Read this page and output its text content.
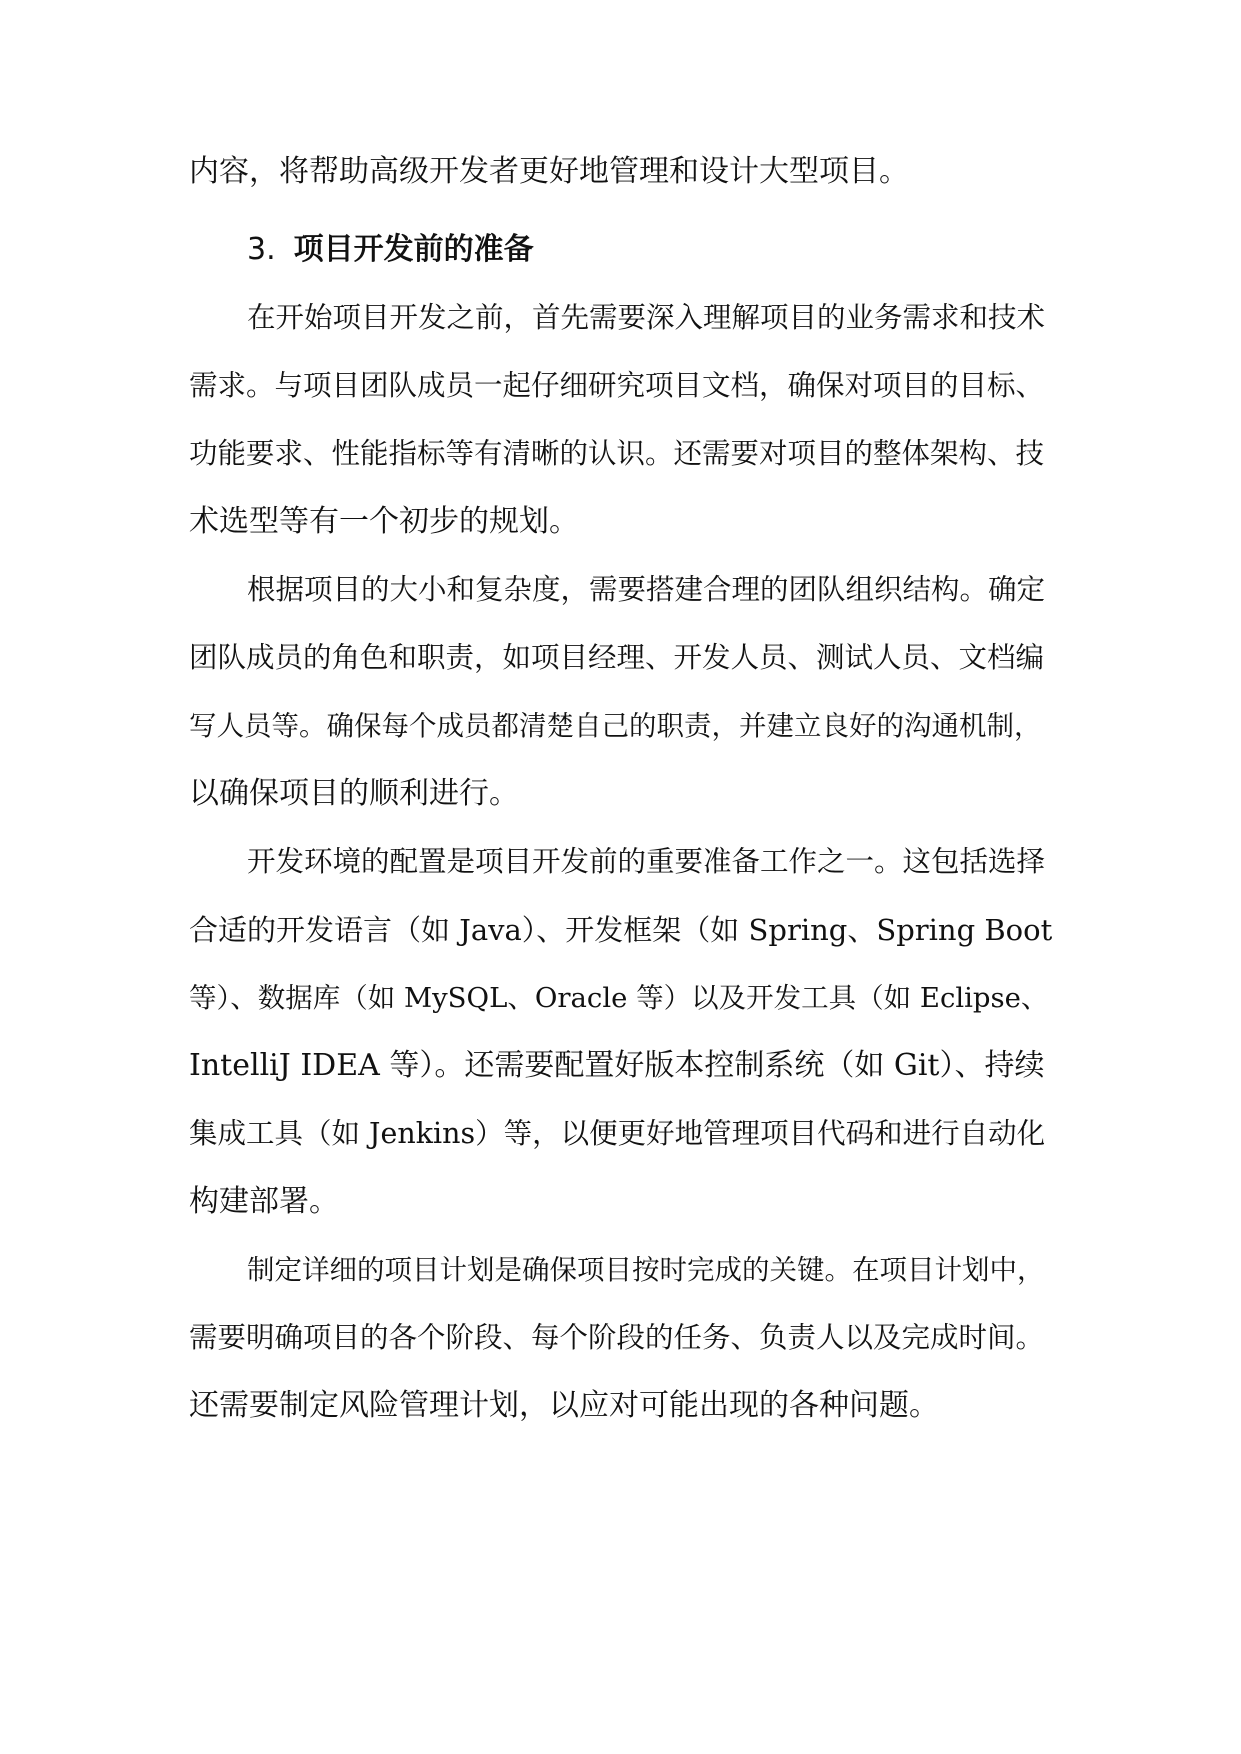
内容，将帮助高级开发者更好地管理和设计大型项目。
3. 项目开发前的准备
在开始项目开发之前，首先需要深入理解项目的业务需求和技术
需求。与项目团队成员一起仔细研究项目文档，确保对项目的目标、
功能要求、性能指标等有清晰的认识。还需要对项目的整体架构、技
术选型等有一个初步的规划。
根据项目的大小和复杂度，需要搭建合理的团队组织结构。确定
团队成员的角色和职责，如项目经理、开发人员、测试人员、文档编
写人员等。确保每个成员都清楚自己的职责，并建立良好的沟通机制，
以确保项目的顺利进行。
开发环境的配置是项目开发前的重要准备工作之一。这包括选择
合适的开发语言（如 Java）、开发框架（如 Spring、Spring Boot
等）、数据库（如 MySQL、Oracle 等）以及开发工具（如 Eclipse、
IntelliJ IDEA 等）。还需要配置好版本控制系统（如 Git）、持续
集成工具（如 Jenkins）等，以便更好地管理项目代码和进行自动化
构建部署。
制定详细的项目计划是确保项目按时完成的关键。在项目计划中，
需要明确项目的各个阶段、每个阶段的任务、负责人以及完成时间。
还需要制定风险管理计划，以应对可能出现的各种问题。
